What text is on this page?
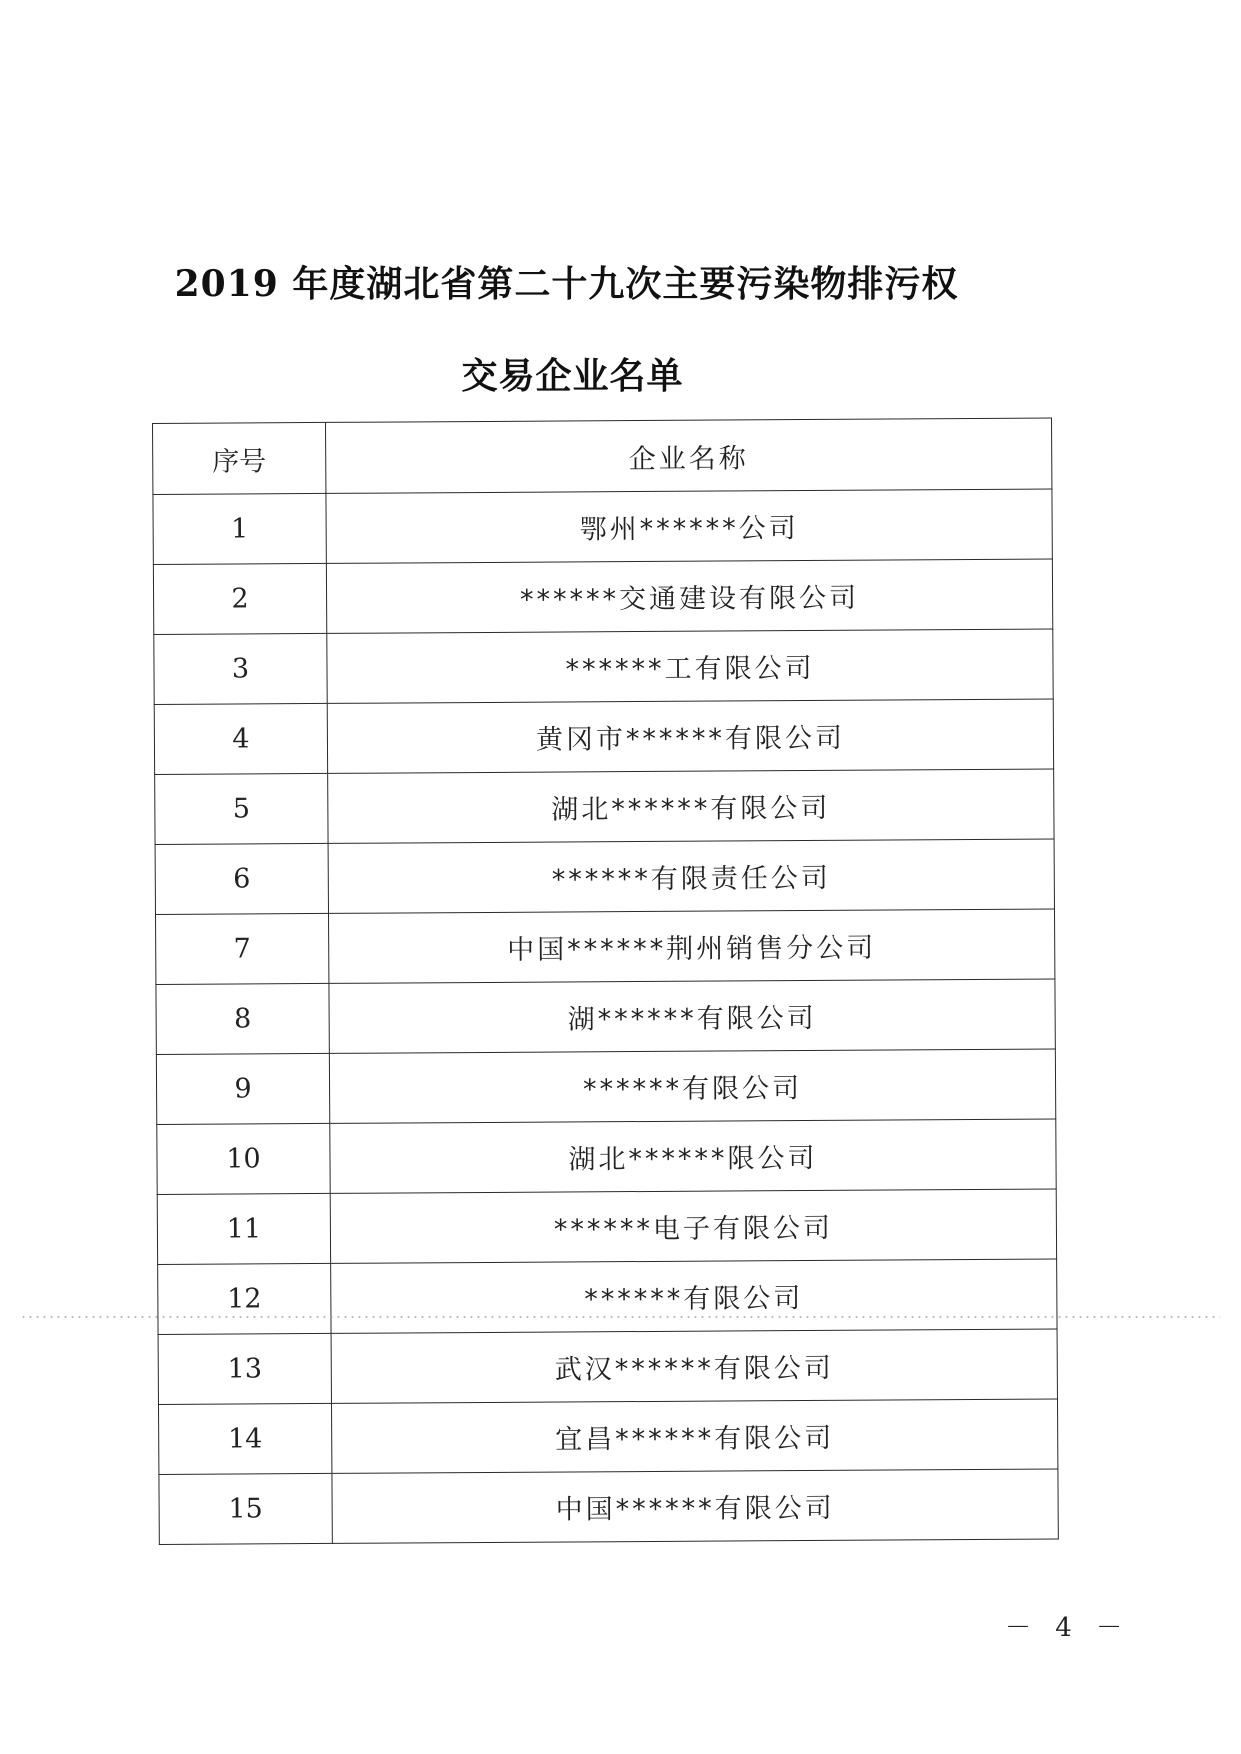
2019 年度湖北省第二十九次主要污染物排污权
交易企业名单
序号	企业名称
1	鄂州******公司
2	******交通建设有限公司
3	******工有限公司
4	黄冈市******有限公司
5	湖北******有限公司
6	******有限责任公司
7	中国******荆州销售分公司
8	湖******有限公司
9	******有限公司
10	湖北******限公司
11	******电子有限公司
12	******有限公司
13	武汉******有限公司
14	宜昌******有限公司
15	中国******有限公司
－ 4 －
